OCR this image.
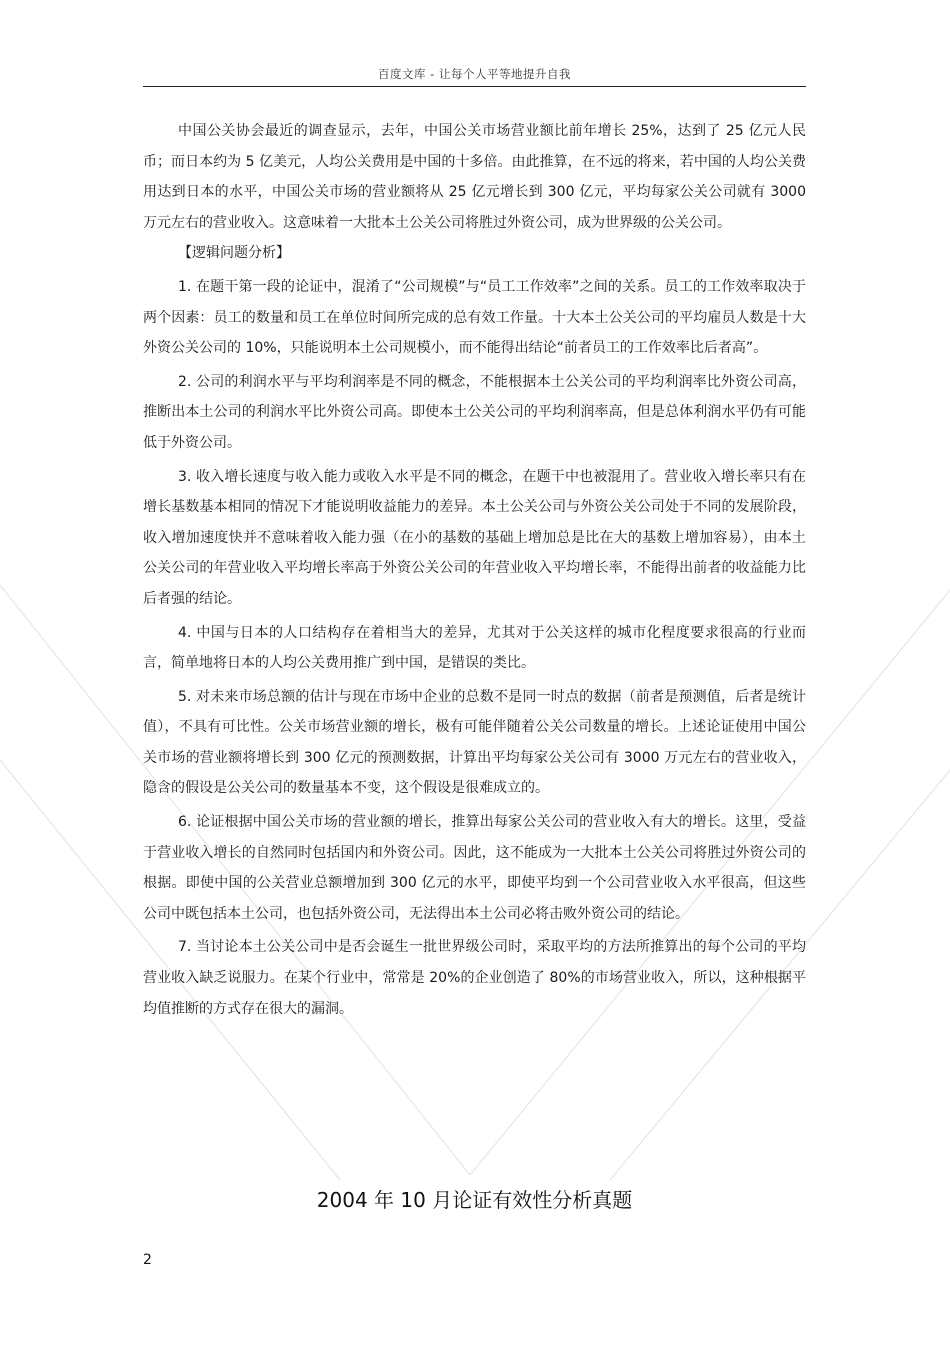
百度文库 - 让每个人平等地提升自我

中国公关协会最近的调查显示，去年，中国公关市场营业额比前年增长 25%，达到了 25 亿元人民币；而日本约为 5 亿美元，人均公关费用是中国的十多倍。由此推算，在不远的将来，若中国的人均公关费用达到日本的水平，中国公关市场的营业额将从 25 亿元增长到 300 亿元，平均每家公关公司就有 3000 万元左右的营业收入。这意味着一大批本土公关公司将胜过外资公司，成为世界级的公关公司。

【逻辑问题分析】

1. 在题干第一段的论证中，混淆了“公司规模”与“员工工作效率”之间的关系。员工的工作效率取决于两个因素：员工的数量和员工在单位时间所完成的总有效工作量。十大本土公关公司的平均雇员人数是十大外资公关公司的 10%，只能说明本土公司规模小，而不能得出结论“前者员工的工作效率比后者高”。

2. 公司的利润水平与平均利润率是不同的概念，不能根据本土公关公司的平均利润率比外资公司高，推断出本土公司的利润水平比外资公司高。即使本土公关公司的平均利润率高，但是总体利润水平仍有可能低于外资公司。

3. 收入增长速度与收入能力或收入水平是不同的概念，在题干中也被混用了。营业收入增长率只有在增长基数基本相同的情况下才能说明收益能力的差异。本土公关公司与外资公关公司处于不同的发展阶段，收入增加速度快并不意味着收入能力强（在小的基数的基础上增加总是比在大的基数上增加容易），由本土公关公司的年营业收入平均增长率高于外资公关公司的年营业收入平均增长率，不能得出前者的收益能力比后者强的结论。

4. 中国与日本的人口结构存在着相当大的差异，尤其对于公关这样的城市化程度要求很高的行业而言，简单地将日本的人均公关费用推广到中国，是错误的类比。

5. 对未来市场总额的估计与现在市场中企业的总数不是同一时点的数据（前者是预测值，后者是统计值），不具有可比性。公关市场营业额的增长，极有可能伴随着公关公司数量的增长。上述论证使用中国公关市场的营业额将增长到 300 亿元的预测数据，计算出平均每家公关公司有 3000 万元左右的营业收入，隐含的假设是公关公司的数量基本不变，这个假设是很难成立的。

6. 论证根据中国公关市场的营业额的增长，推算出每家公关公司的营业收入有大的增长。这里，受益于营业收入增长的自然同时包括国内和外资公司。因此，这不能成为一大批本土公关公司将胜过外资公司的根据。即使中国的公关营业总额增加到 300 亿元的水平，即使平均到一个公司营业收入水平很高，但这些公司中既包括本土公司，也包括外资公司，无法得出本土公司必将击败外资公司的结论。

7. 当讨论本土公关公司中是否会诞生一批世界级公司时，采取平均的方法所推算出的每个公司的平均营业收入缺乏说服力。在某个行业中，常常是 20%的企业创造了 80%的市场营业收入，所以，这种根据平均值推断的方式存在很大的漏洞。

2004 年 10 月论证有效性分析真题
2
